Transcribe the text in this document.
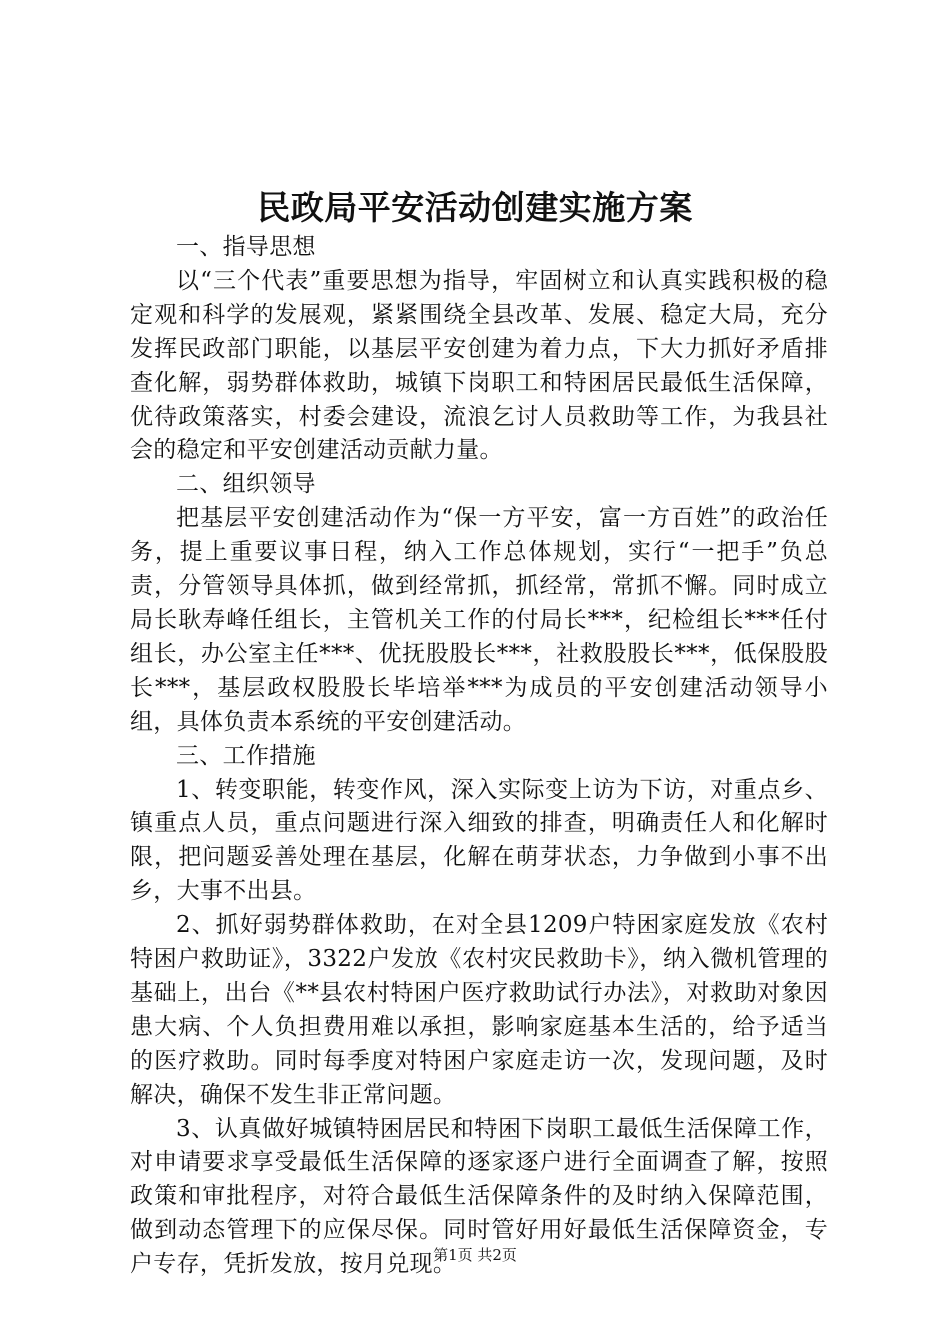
民政局平安活动创建实施方案

一、指导思想

以“三个代表”重要思想为指导，牢固树立和认真实践积极的稳定观和科学的发展观，紧紧围绕全县改革、发展、稳定大局，充分发挥民政部门职能，以基层平安创建为着力点，下大力抓好矛盾排查化解，弱势群体救助，城镇下岗职工和特困居民最低生活保障，优待政策落实，村委会建设，流浪乞讨人员救助等工作，为我县社会的稳定和平安创建活动贡献力量。

二、组织领导

把基层平安创建活动作为“保一方平安，富一方百姓”的政治任务，提上重要议事日程，纳入工作总体规划，实行“一把手”负总责，分管领导具体抓，做到经常抓，抓经常，常抓不懈。同时成立局长耿寿峰任组长，主管机关工作的付局长***，纪检组长***任付组长，办公室主任***、优抚股股长***，社救股股长***，低保股股长***，基层政权股股长毕培举***为成员的平安创建活动领导小组，具体负责本系统的平安创建活动。

三、工作措施

1、转变职能，转变作风，深入实际变上访为下访，对重点乡、镇重点人员，重点问题进行深入细致的排查，明确责任人和化解时限，把问题妥善处理在基层，化解在萌芽状态，力争做到小事不出乡，大事不出县。

2、抓好弱势群体救助，在对全县1209户特困家庭发放《农村特困户救助证》，3322户发放《农村灾民救助卡》，纳入微机管理的基础上，出台《**县农村特困户医疗救助试行办法》，对救助对象因患大病、个人负担费用难以承担，影响家庭基本生活的，给予适当的医疗救助。同时每季度对特困户家庭走访一次，发现问题，及时解决，确保不发生非正常问题。

3、认真做好城镇特困居民和特困下岗职工最低生活保障工作，对申请要求享受最低生活保障的逐家逐户进行全面调查了解，按照政策和审批程序，对符合最低生活保障条件的及时纳入保障范围，做到动态管理下的应保尽保。同时管好用好最低生活保障资金，专户专存，凭折发放，按月兑现。

第1页 共2页
